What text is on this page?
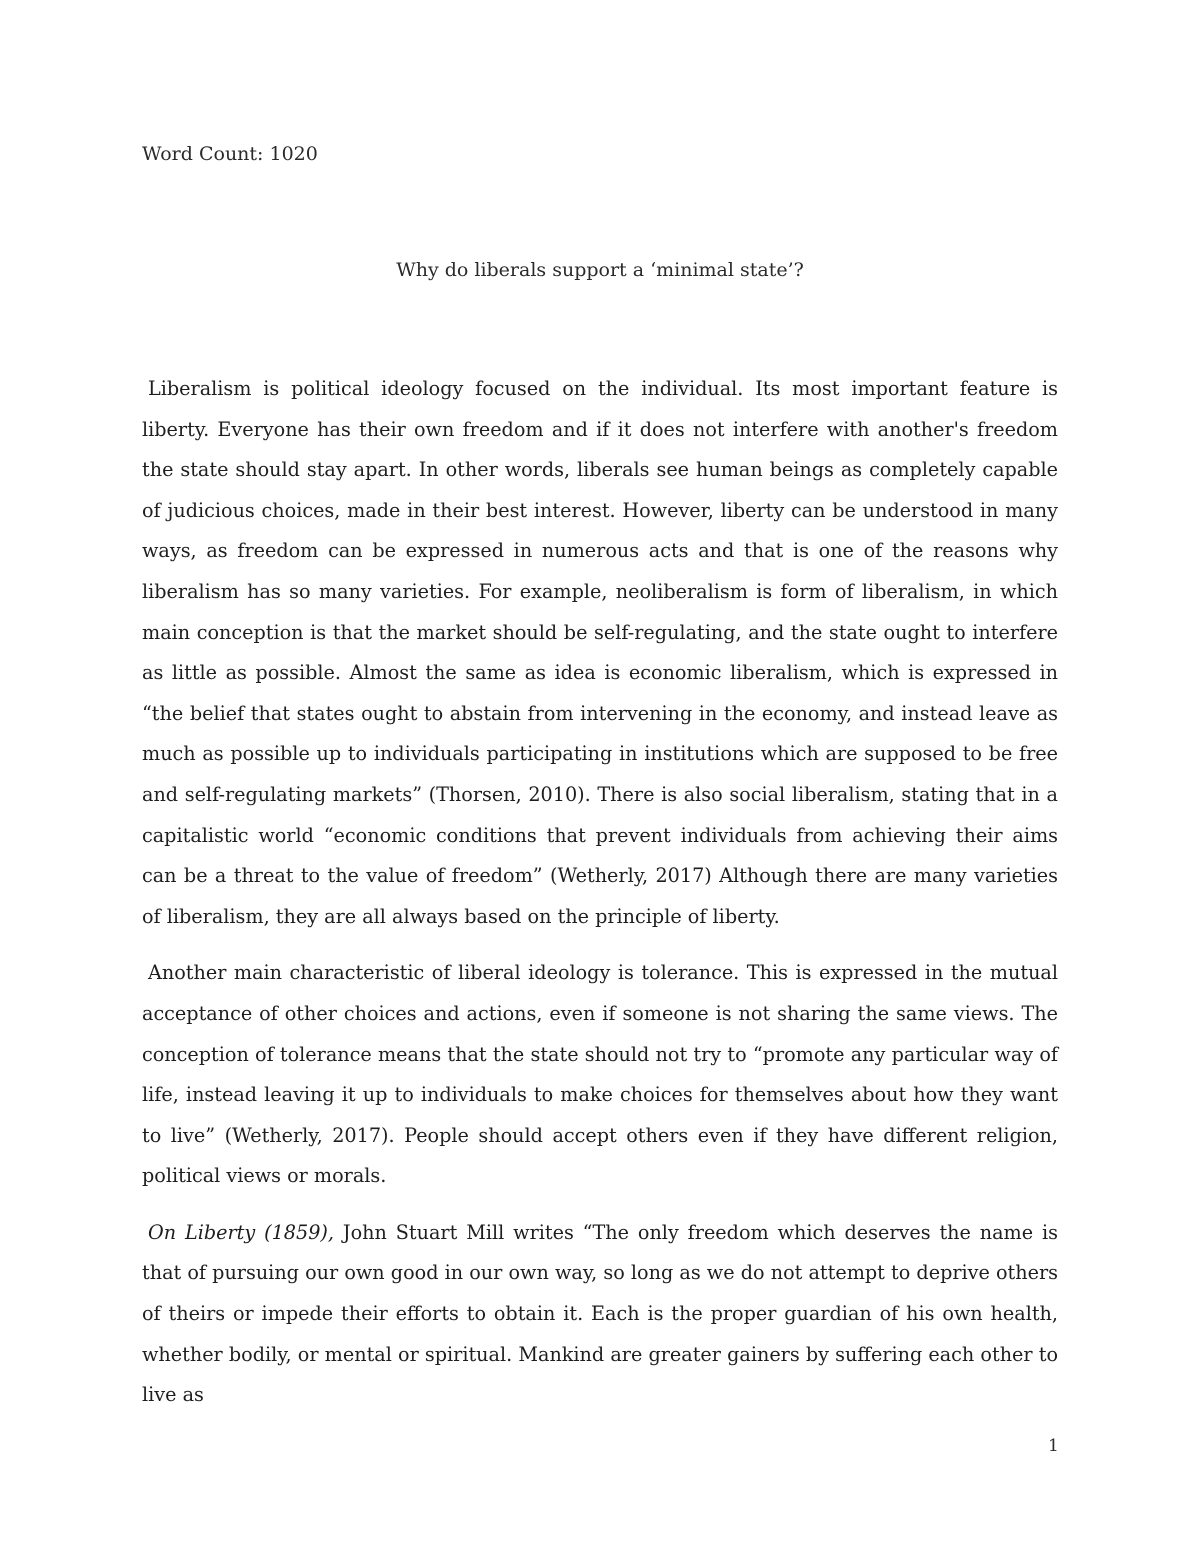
Word Count: 1020
Why do liberals support a ‘minimal state’?

Liberalism is political ideology focused on the individual. Its most important feature is liberty. Everyone has their own freedom and if it does not interfere with another's freedom the state should stay apart. In other words, liberals see human beings as completely capable of judicious choices, made in their best interest. However, liberty can be understood in many ways, as freedom can be expressed in numerous acts and that is one of the reasons why liberalism has so many varieties. For example, neoliberalism is form of liberalism, in which main conception is that the market should be self-regulating, and the state ought to interfere as little as possible. Almost the same as idea is economic liberalism, which is expressed in “the belief that states ought to abstain from intervening in the economy, and instead leave as much as possible up to individuals participating in institutions which are supposed to be free and self-regulating markets” (Thorsen, 2010). There is also social liberalism, stating that in a capitalistic world “economic conditions that prevent individuals from achieving their aims can be a threat to the value of freedom” (Wetherly, 2017) Although there are many varieties of liberalism, they are all always based on the principle of liberty.

Another main characteristic of liberal ideology is tolerance. This is expressed in the mutual acceptance of other choices and actions, even if someone is not sharing the same views. The conception of tolerance means that the state should not try to “promote any particular way of life, instead leaving it up to individuals to make choices for themselves about how they want to live” (Wetherly, 2017). People should accept others even if they have different religion, political views or morals.

On Liberty (1859), John Stuart Mill writes “The only freedom which deserves the name is that of pursuing our own good in our own way, so long as we do not attempt to deprive others of theirs or impede their efforts to obtain it. Each is the proper guardian of his own health, whether bodily, or mental or spiritual. Mankind are greater gainers by suffering each other to live as

1
